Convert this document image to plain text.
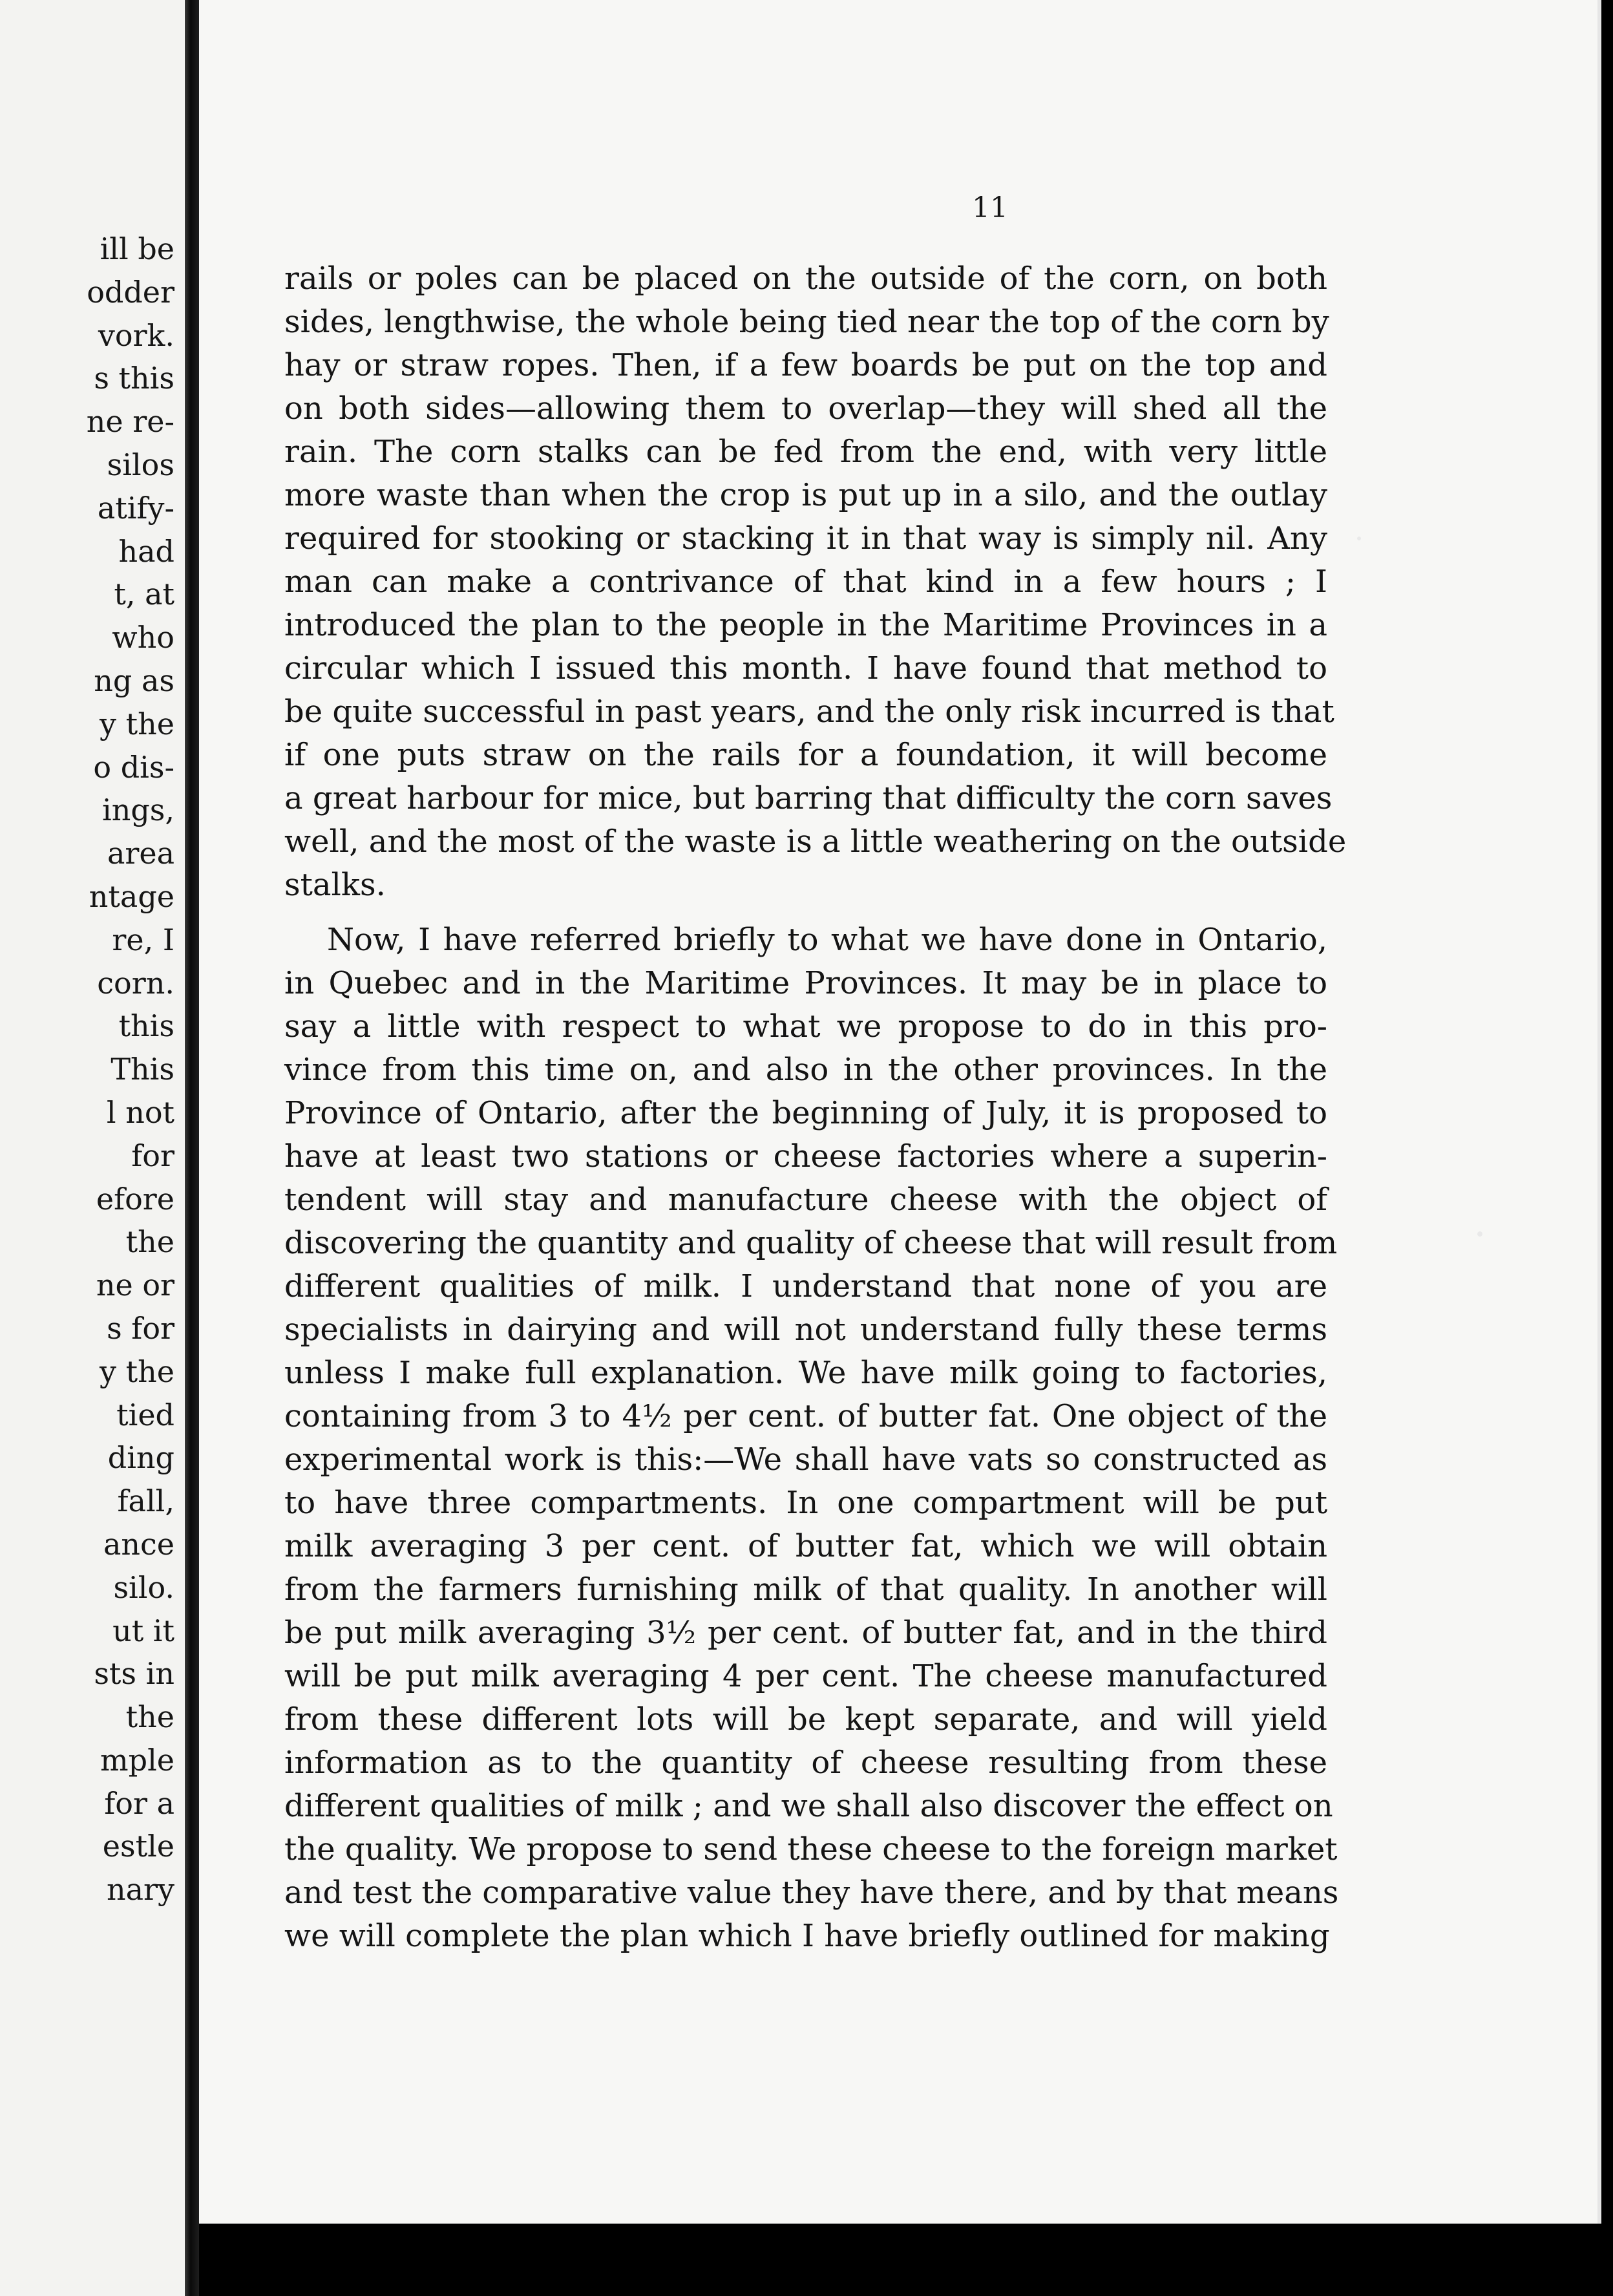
ill be
odder
vork.
s this
ne re-
silos
atify-
had
t, at
who
ng as
y the
o dis-
ings,
area
ntage
re, I
corn.
this
This
l not
for
efore
the
ne or
s for
y the
tied
ding
fall,
ance
silo.
ut it
sts in
the
mple
for a
estle
nary

11

rails or poles can be placed on the outside of the corn, on both
sides, lengthwise, the whole being tied near the top of the corn by
hay or straw ropes. Then, if a few boards be put on the top and
on both sides—allowing them to overlap—they will shed all the
rain. The corn stalks can be fed from the end, with very little
more waste than when the crop is put up in a silo, and the outlay
required for stooking or stacking it in that way is simply nil. Any
man can make a contrivance of that kind in a few hours ; I
introduced the plan to the people in the Maritime Provinces in a
circular which I issued this month. I have found that method to
be quite successful in past years, and the only risk incurred is that
if one puts straw on the rails for a foundation, it will become
a great harbour for mice, but barring that difficulty the corn saves
well, and the most of the waste is a little weathering on the outside
stalks.
Now, I have referred briefly to what we have done in Ontario,
in Quebec and in the Maritime Provinces. It may be in place to
say a little with respect to what we propose to do in this pro-
vince from this time on, and also in the other provinces. In the
Province of Ontario, after the beginning of July, it is proposed to
have at least two stations or cheese factories where a superin-
tendent will stay and manufacture cheese with the object of
discovering the quantity and quality of cheese that will result from
different qualities of milk. I understand that none of you are
specialists in dairying and will not understand fully these terms
unless I make full explanation. We have milk going to factories,
containing from 3 to 4½ per cent. of butter fat. One object of the
experimental work is this:—We shall have vats so constructed as
to have three compartments. In one compartment will be put
milk averaging 3 per cent. of butter fat, which we will obtain
from the farmers furnishing milk of that quality. In another will
be put milk averaging 3½ per cent. of butter fat, and in the third
will be put milk averaging 4 per cent. The cheese manufactured
from these different lots will be kept separate, and will yield
information as to the quantity of cheese resulting from these
different qualities of milk ; and we shall also discover the effect on
the quality. We propose to send these cheese to the foreign market
and test the comparative value they have there, and by that means
we will complete the plan which I have briefly outlined for making
